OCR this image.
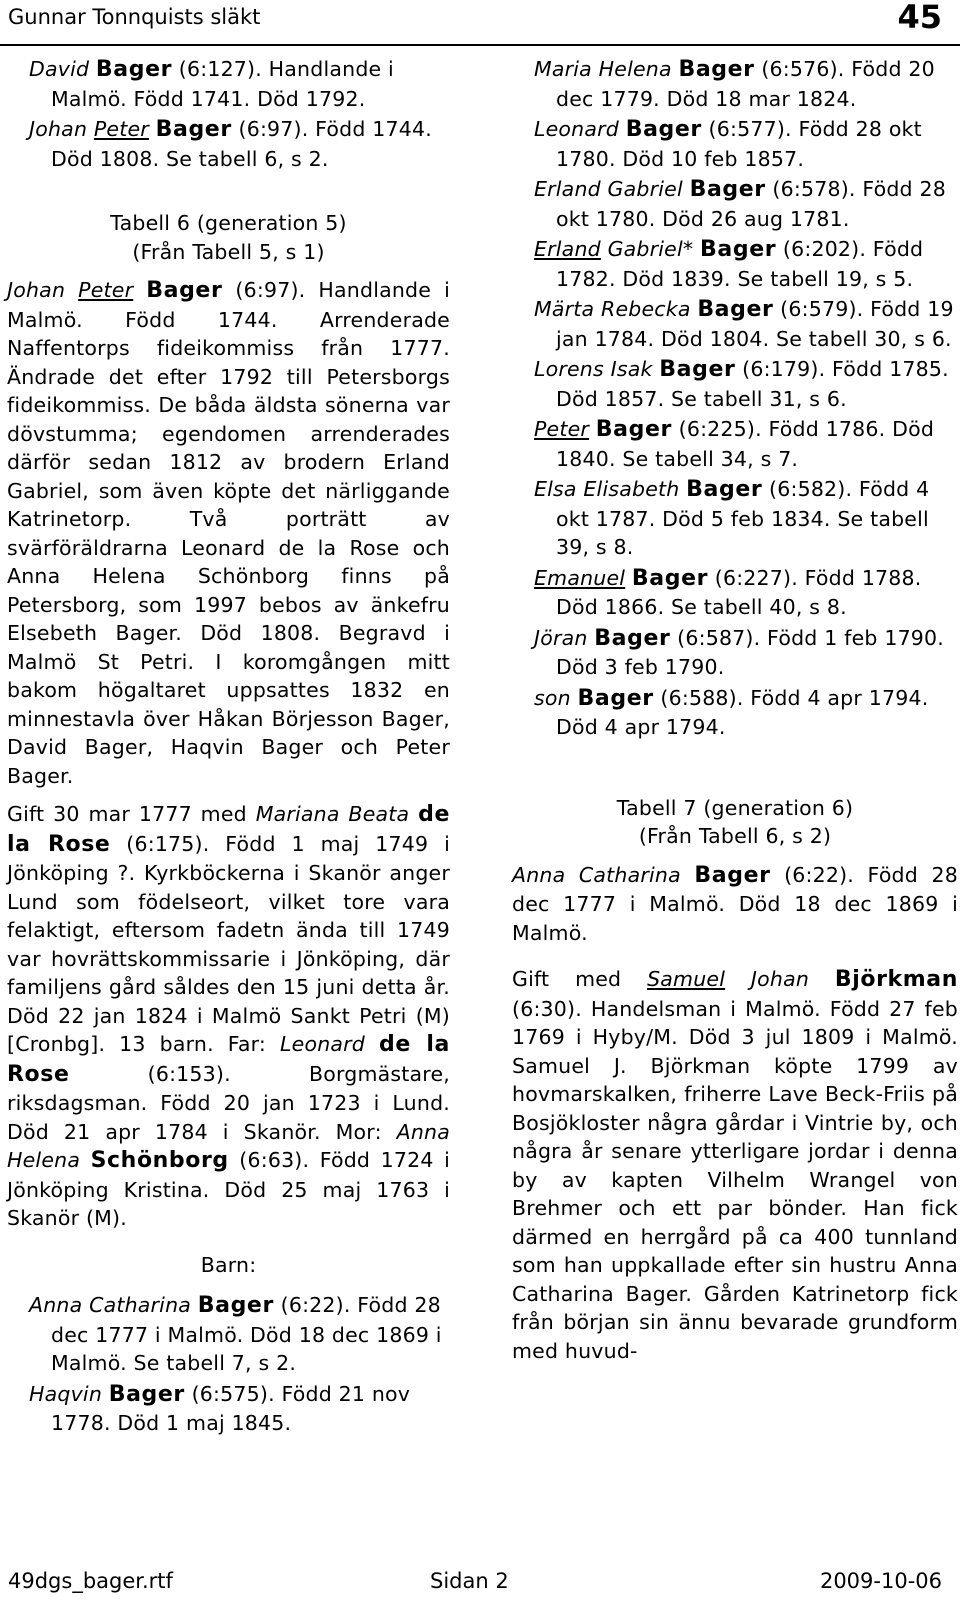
Gunnar Tonnquists släkt	45

David Bager (6:127). Handlande i Malmö. Född 1741. Död 1792.

Johan Peter Bager (6:97). Född 1744. Död 1808. Se tabell 6, s 2.

Tabell 6 (generation 5)

(Från Tabell 5, s 1)

Johan Peter Bager (6:97). Handlande i Malmö. Född 1744. Arrenderade Naffentorps fideikommiss från 1777. Ändrade det efter 1792 till Petersborgs fideikommiss. De båda äldsta sönerna var dövstumma; egendomen arrenderades därför sedan 1812 av brodern Erland Gabriel, som även köpte det närliggande Katrinetorp. Två porträtt av svärföräldrarna Leonard de la Rose och Anna Helena Schönborg finns på Petersborg, som 1997 bebos av änkefru Elsebeth Bager. Död 1808. Begravd i Malmö St Petri. I koromgången mitt bakom högaltaret uppsattes 1832 en minnestavla över Håkan Börjesson Bager, David Bager, Haqvin Bager och Peter Bager.

Gift 30 mar 1777 med Mariana Beata de la Rose (6:175). Född 1 maj 1749 i Jönköping ?. Kyrkböckerna i Skanör anger Lund som födelseort, vilket tore vara felaktigt, eftersom fadetn ända till 1749 var hovrättskommissarie i Jönköping, där familjens gård såldes den 15 juni detta år. Död 22 jan 1824 i Malmö Sankt Petri (M) [Cronbg]. 13 barn. Far: Leonard de la Rose (6:153). Borgmästare, riksdagsman. Född 20 jan 1723 i Lund. Död 21 apr 1784 i Skanör. Mor: Anna Helena Schönborg (6:63). Född 1724 i Jönköping Kristina. Död 25 maj 1763 i Skanör (M).

Barn:

Anna Catharina Bager (6:22). Född 28 dec 1777 i Malmö. Död 18 dec 1869 i Malmö. Se tabell 7, s 2.

Haqvin Bager (6:575). Född 21 nov 1778. Död 1 maj 1845.

Maria Helena Bager (6:576). Född 20 dec 1779. Död 18 mar 1824.

Leonard Bager (6:577). Född 28 okt 1780. Död 10 feb 1857.

Erland Gabriel Bager (6:578). Född 28 okt 1780. Död 26 aug 1781.

Erland Gabriel* Bager (6:202). Född 1782. Död 1839. Se tabell 19, s 5.

Märta Rebecka Bager (6:579). Född 19 jan 1784. Död 1804. Se tabell 30, s 6.

Lorens Isak Bager (6:179). Född 1785. Död 1857. Se tabell 31, s 6.

Peter Bager (6:225). Född 1786. Död 1840. Se tabell 34, s 7.

Elsa Elisabeth Bager (6:582). Född 4 okt 1787. Död 5 feb 1834. Se tabell 39, s 8.

Emanuel Bager (6:227). Född 1788. Död 1866. Se tabell 40, s 8.

Jöran Bager (6:587). Född 1 feb 1790. Död 3 feb 1790.

son Bager (6:588). Född 4 apr 1794. Död 4 apr 1794.

Tabell 7 (generation 6)

(Från Tabell 6, s 2)

Anna Catharina Bager (6:22). Född 28 dec 1777 i Malmö. Död 18 dec 1869 i Malmö.

Gift med Samuel Johan Björkman (6:30). Handelsman i Malmö. Född 27 feb 1769 i Hyby/M. Död 3 jul 1809 i Malmö. Samuel J. Björkman köpte 1799 av hovmarskalken, friherre Lave Beck-Friis på Bosjökloster några gårdar i Vintrie by, och några år senare ytterligare jordar i denna by av kapten Vilhelm Wrangel von Brehmer och ett par bönder. Han fick därmed en herrgård på ca 400 tunnland som han uppkallade efter sin hustru Anna Catharina Bager. Gården Katrinetorp fick från början sin ännu bevarade grundform med huvud-

49dgs_bager.rtf	Sidan 2	2009-10-06
